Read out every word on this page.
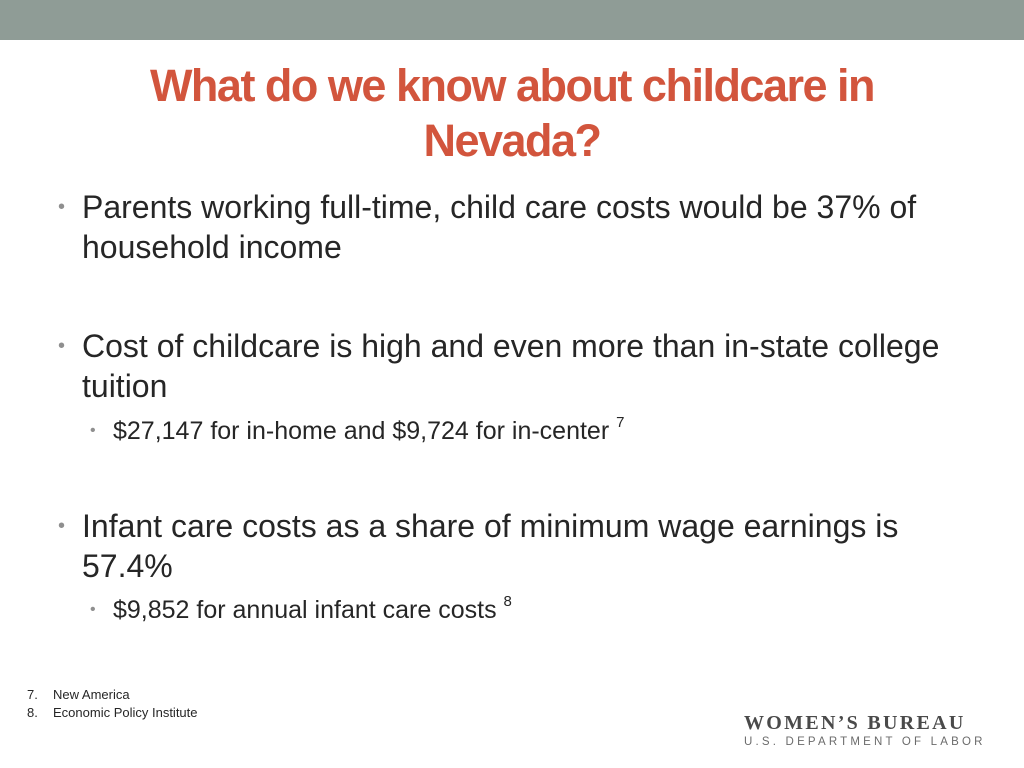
What do we know about childcare in Nevada?
• Parents working full-time, child care costs would be 37% of household income
• Cost of childcare is high and even more than in-state college tuition
• $27,147 for in-home and $9,724 for in-center $^7$
• Infant care costs as a share of minimum wage earnings is 57.4%
• $9,852 for annual infant care costs $^8$
7. New America
8. Economic Policy Institute	WOMEN’S BUREAU
U.S. DEPARTMENT OF LABOR
